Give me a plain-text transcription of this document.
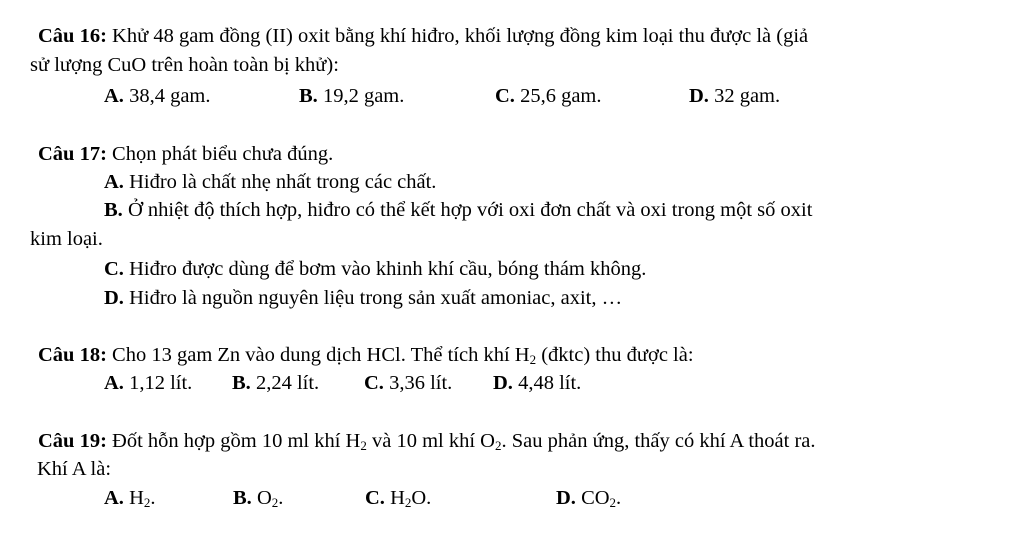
Câu 16: Khử 48 gam đồng (II) oxit bằng khí hiđro, khối lượng đồng kim loại thu được là (giả
sử lượng CuO trên hoàn toàn bị khử):
A. 38,4 gam.	B. 19,2 gam.	C. 25,6 gam.	D. 32 gam.
Câu 17: Chọn phát biểu chưa đúng.
A. Hiđro là chất nhẹ nhất trong các chất.
B. Ở nhiệt độ thích hợp, hiđro có thể kết hợp với oxi đơn chất và oxi trong một số oxit
kim loại.
C. Hiđro được dùng để bơm vào khinh khí cầu, bóng thám không.
D. Hiđro là nguồn nguyên liệu trong sản xuất amoniac, axit, …
Câu 18: Cho 13 gam Zn vào dung dịch HCl. Thể tích khí $H_2$ (đktc) thu được là:
A. 1,12 lít. B. 2,24 lít. C. 3,36 lít. D. 4,48 lít.
Câu 19: Đốt hỗn hợp gồm 10 ml khí $H_2$ và 10 ml khí $O_2$. Sau phản ứng, thấy có khí A thoát ra.
Khí A là:
A. $H_2$.	B. $O_2$.	C. $H_2O$.	D. $CO_2$.
